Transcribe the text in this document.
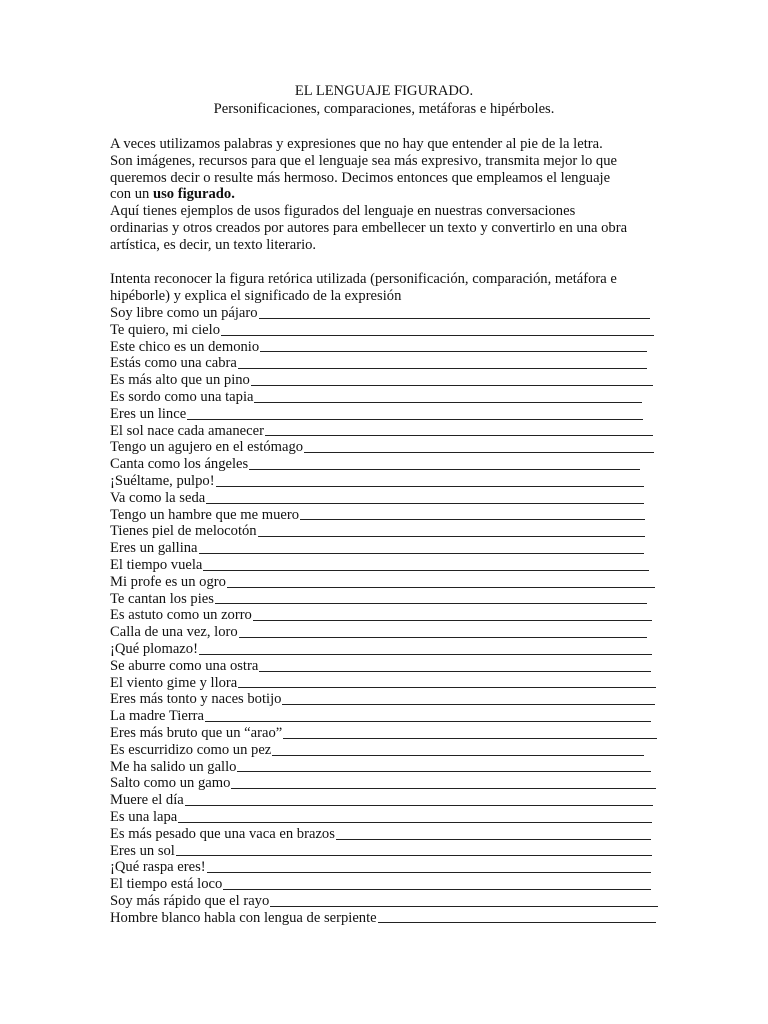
EL LENGUAJE FIGURADO.
Personificaciones, comparaciones, metáforas e hipérboles.
A veces utilizamos palabras y expresiones que no hay que entender al pie de la letra.
Son imágenes, recursos para que el lenguaje sea más expresivo, transmita mejor lo que
queremos decir o resulte más hermoso. Decimos entonces que empleamos el lenguaje
con un uso figurado.
Aquí tienes ejemplos de usos figurados del lenguaje en nuestras conversaciones
ordinarias y otros creados por autores para embellecer un texto y convertirlo en una obra
artística, es decir, un texto literario.
Intenta reconocer la figura retórica utilizada (personificación, comparación, metáfora e
hipéborle) y explica el significado de la expresión
Soy libre como un pájaro
Te quiero, mi cielo
Este chico es un demonio
Estás como una cabra
Es más alto que un pino
Es sordo como una tapia
Eres un lince
El sol nace cada amanecer
Tengo un agujero en el estómago
Canta como los ángeles
¡Suéltame, pulpo!
Va como la seda
Tengo un hambre que me muero
Tienes piel de melocotón
Eres un gallina
El tiempo vuela
Mi profe es un ogro
Te cantan los pies
Es astuto como un zorro
Calla de una vez, loro
¡Qué plomazo!
Se aburre como una ostra
El viento gime y llora
Eres más tonto y naces botijo
La madre Tierra
Eres más bruto que un “arao”
Es escurridizo como un pez
Me ha salido un gallo
Salto como un gamo
Muere el día
Es una lapa
Es más pesado que una vaca en brazos
Eres un sol
¡Qué raspa eres!
El tiempo está loco
Soy más rápido que el rayo
Hombre blanco habla con lengua de serpiente
